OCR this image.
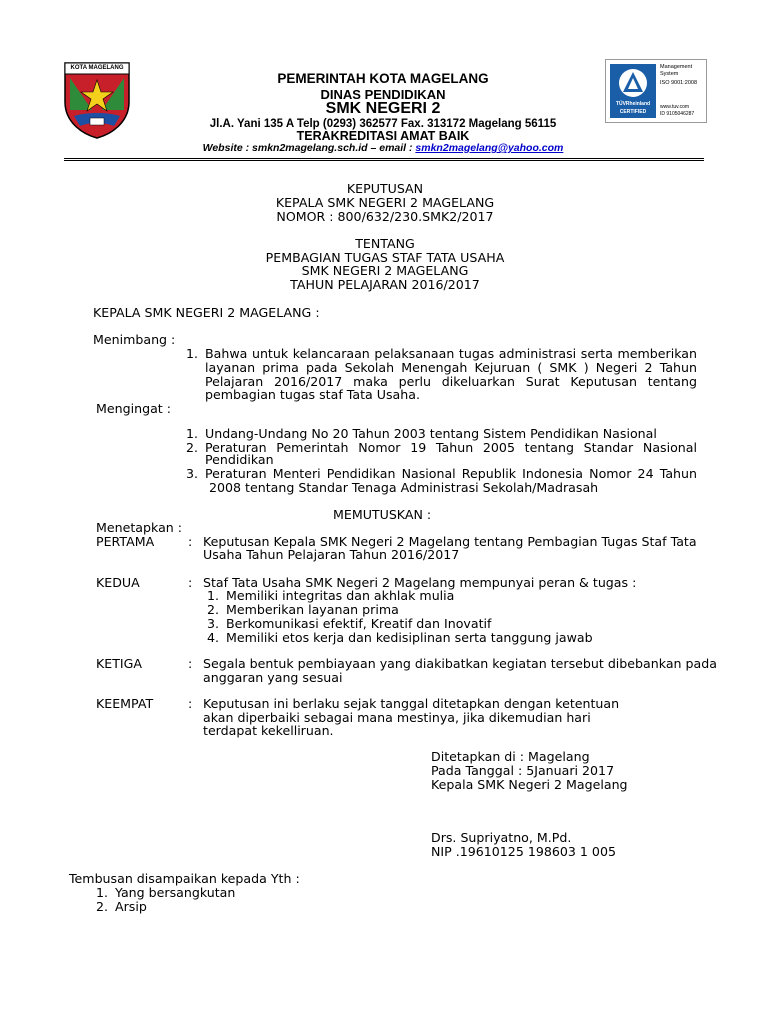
KOTA MAGELANG
PEMERINTAH KOTA MAGELANG
DINAS PENDIDIKAN
SMK NEGERI 2
Jl.A. Yani 135 A Telp (0293) 362577 Fax. 313172 Magelang 56115
TERAKREDITASI AMAT BAIK
Website : smkn2magelang.sch.id – email : smkn2magelang@yahoo.com
TÜVRheinland
CERTIFIED
Management System
ISO 9001:2008
www.tuv.com
ID 9105046287
KEPUTUSAN
KEPALA SMK NEGERI 2 MAGELANG
NOMOR : 800/632/230.SMK2/2017
TENTANG
PEMBAGIAN TUGAS STAF TATA USAHA
SMK NEGERI 2 MAGELANG
TAHUN PELAJARAN 2016/2017
KEPALA SMK NEGERI 2 MAGELANG :
Menimbang :
1. Bahwa untuk kelancaraan pelaksanaan tugas administrasi serta memberikan
layanan prima pada Sekolah Menengah Kejuruan ( SMK ) Negeri 2 Tahun
Pelajaran 2016/2017 maka perlu dikeluarkan Surat Keputusan tentang
pembagian tugas staf Tata Usaha.
Mengingat :
1. Undang-Undang No 20 Tahun 2003 tentang Sistem Pendidikan Nasional
2. Peraturan Pemerintah Nomor 19 Tahun 2005 tentang Standar Nasional
Pendidikan
3. Peraturan Menteri Pendidikan Nasional Republik Indonesia Nomor 24 Tahun
2008 tentang Standar Tenaga Administrasi Sekolah/Madrasah
MEMUTUSKAN :
Menetapkan :
PERTAMA	: Keputusan Kepala SMK Negeri 2 Magelang tentang Pembagian Tugas Staf Tata
Usaha Tahun Pelajaran Tahun 2016/2017
KEDUA	: Staf Tata Usaha SMK Negeri 2 Magelang mempunyai peran & tugas :
1. Memiliki integritas dan akhlak mulia
2. Memberikan layanan prima
3. Berkomunikasi efektif, Kreatif dan Inovatif
4. Memiliki etos kerja dan kedisiplinan serta tanggung jawab
KETIGA	: Segala bentuk pembiayaan yang diakibatkan kegiatan tersebut dibebankan pada
anggaran yang sesuai
KEEMPAT	: Keputusan ini berlaku sejak tanggal ditetapkan dengan ketentuan
akan diperbaiki sebagai mana mestinya, jika dikemudian hari
terdapat kekelliruan.
Ditetapkan di : Magelang
Pada Tanggal : 5Januari 2017
Kepala SMK Negeri 2 Magelang
Drs. Supriyatno, M.Pd.
NIP .19610125 198603 1 005
Tembusan disampaikan kepada Yth :
1. Yang bersangkutan
2. Arsip
